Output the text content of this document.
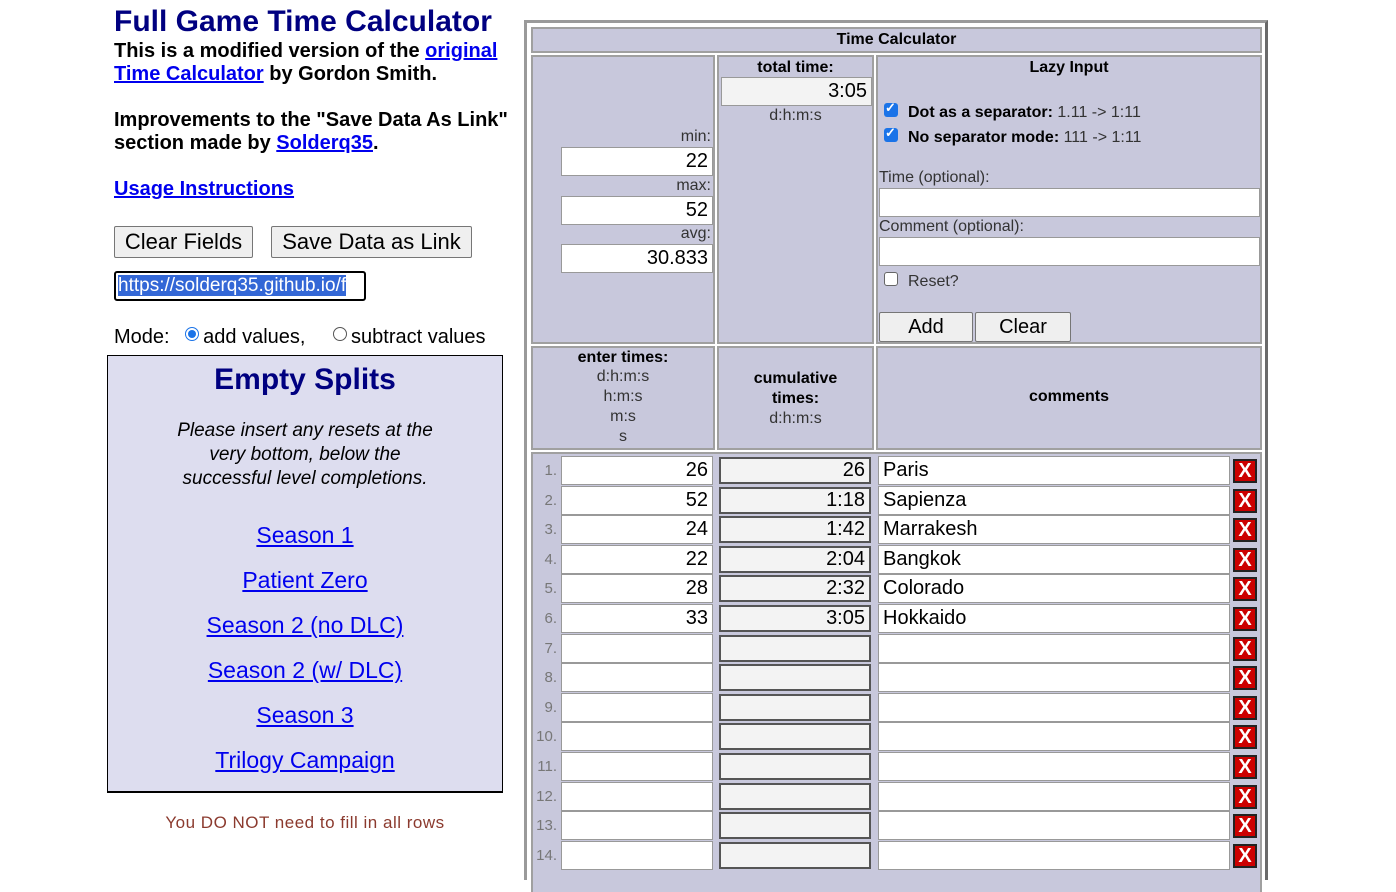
Full Game Time Calculator
This is a modified version of the original Time Calculator by Gordon Smith.
Improvements to the "Save Data As Link" section made by Solderq35.
Usage Instructions
Clear Fields	Save Data as Link
https://solderq35.github.io/f
Mode: add values, subtract values
Empty Splits
Please insert any resets at the very bottom, below the successful level completions.
Season 1
Patient Zero
Season 2 (no DLC)
Season 2 (w/ DLC)
Season 3
Trilogy Campaign
You DO NOT need to fill in all rows
Time Calculator
min:
22
max:
52
avg:
30.833
total time:
3:05
d:h:m:s
Lazy Input
✓
Dot as a separator: 1.11 -> 1:11
✓
No separator mode: 111 -> 1:11
Time (optional):
Comment (optional):
Reset?
Add	Clear
enter times:
d:h:m:s
h:m:s
m:s
s
cumulative times:
d:h:m:s
comments
1.	26	26 Paris	X
2.	52	1:18 Sapienza	X
3.	24	1:42 Marrakesh	X
4.	22	2:04 Bangkok	X
5.	28	2:32 Colorado	X
6.	33	3:05 Hokkaido	X
7.	X
8.	X
9.	X
10.	X
11.	X
12.	X
13.	X
14.	X
